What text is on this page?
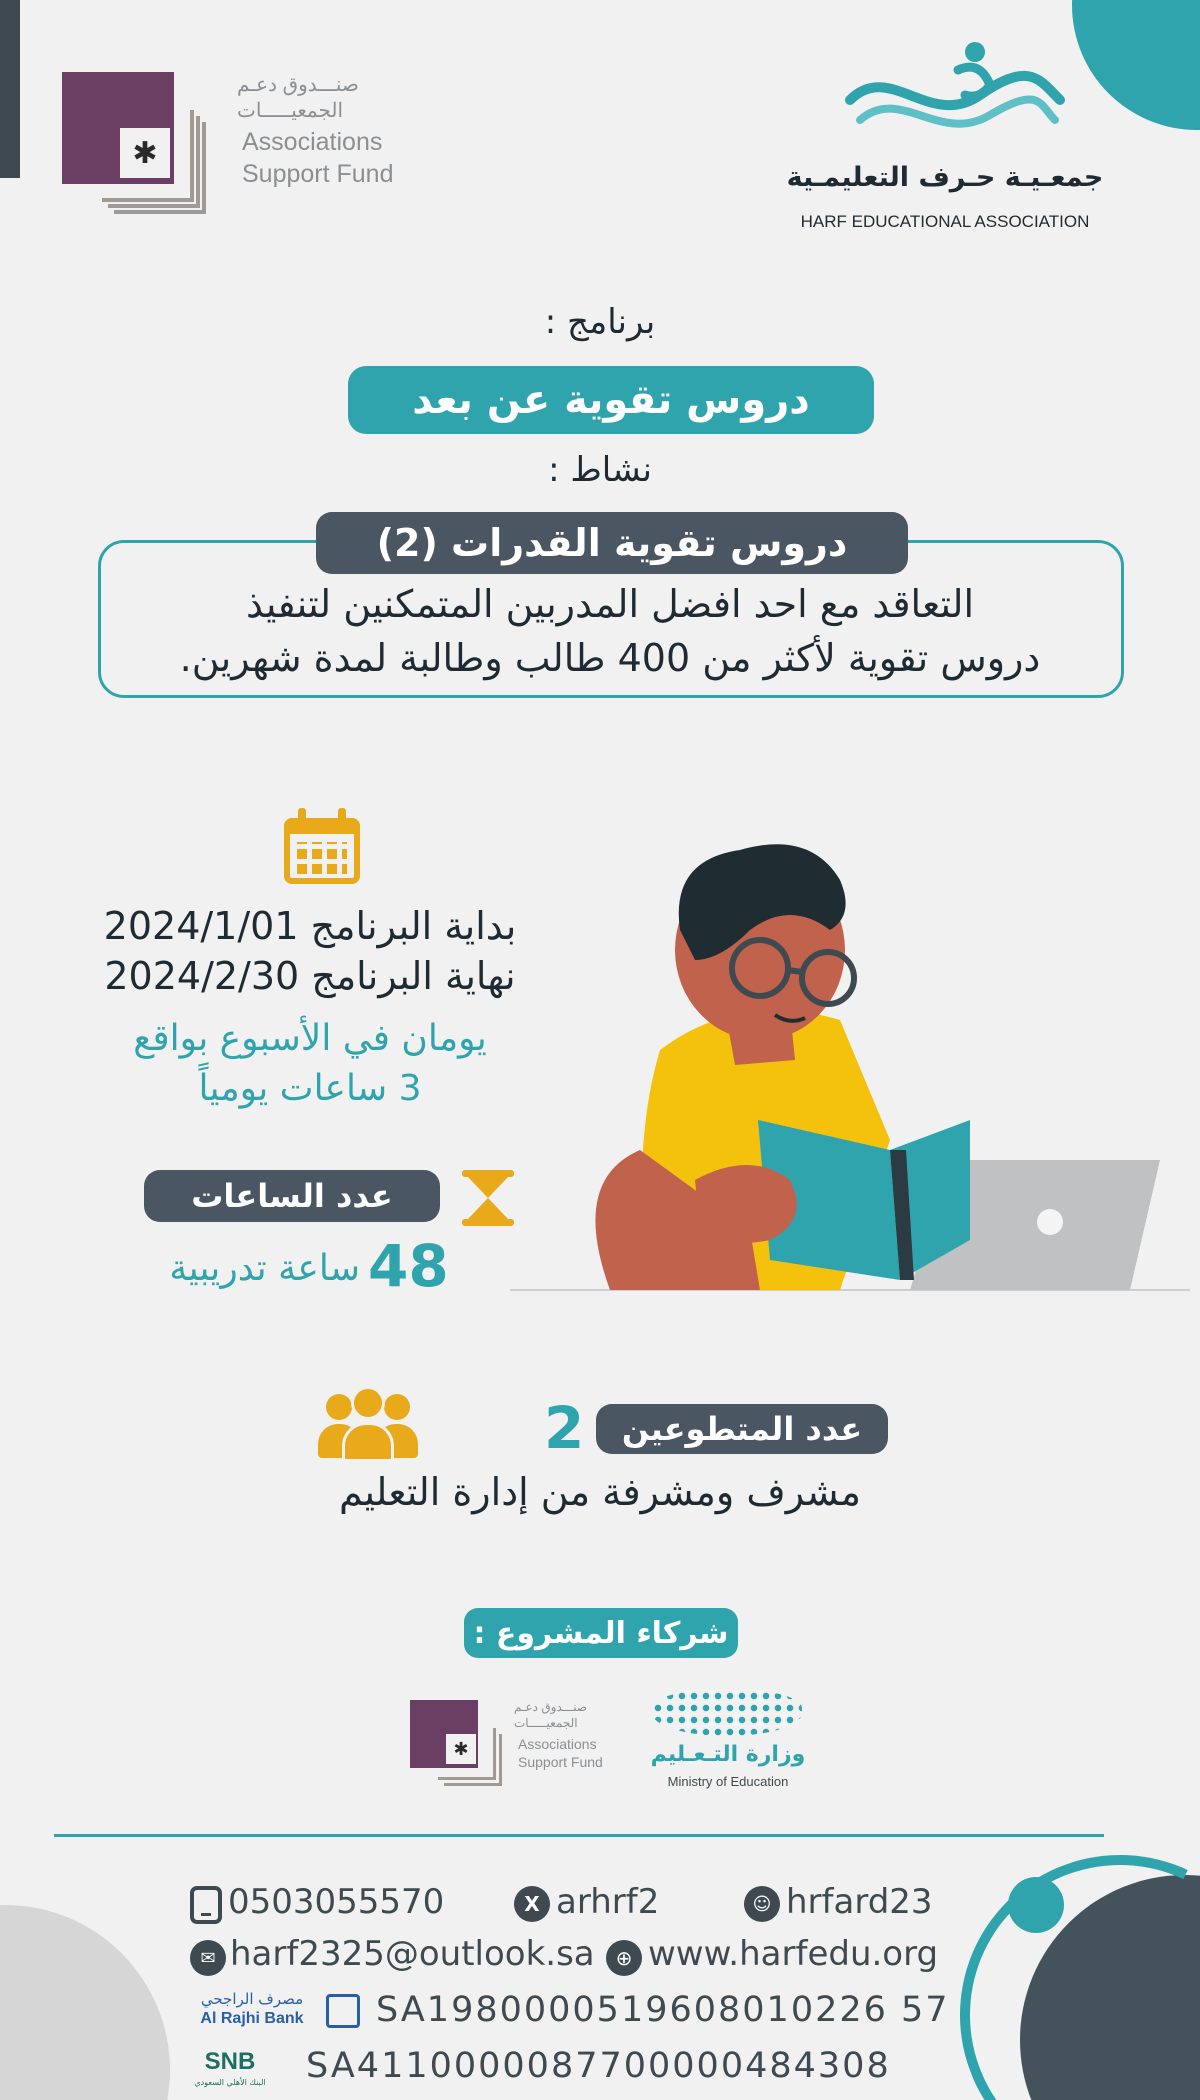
✱
صنـــدوق دعـم
الجمعيـــــات
Associations
Support Fund	جمعـيـة حـرف التعليمـية
HARF EDUCATIONAL ASSOCIATION
برنامج :
دروس تقوية عن بعد
نشاط :
دروس تقوية القدرات (2)
التعاقد مع احد افضل المدربين المتمكنين لتنفيذ
دروس تقوية لأكثر من 400 طالب وطالبة لمدة شهرين.
بداية البرنامج 2024/1/01
نهاية البرنامج 2024/2/30
يومان في الأسبوع بواقع
3 ساعات يومياً
عدد الساعات
48
ساعة تدريبية
2	عدد المتطوعين
مشرف ومشرفة من إدارة التعليم
شركاء المشروع :
✱
صنـــدوق دعـم
الجمعيـــــات
Associations
Support Fund وزارة التـعـليم
Ministry of Education
0503055570	X arhrf2	☺ hrfard23
✉ harf2325@outlook.sa	⊕ www.harfedu.org
مصرف الراجحي
Al Rajhi Bank SA1980000519608010226 57
SNB
البنك الأهلي السعودي SA4110000087700000484308
